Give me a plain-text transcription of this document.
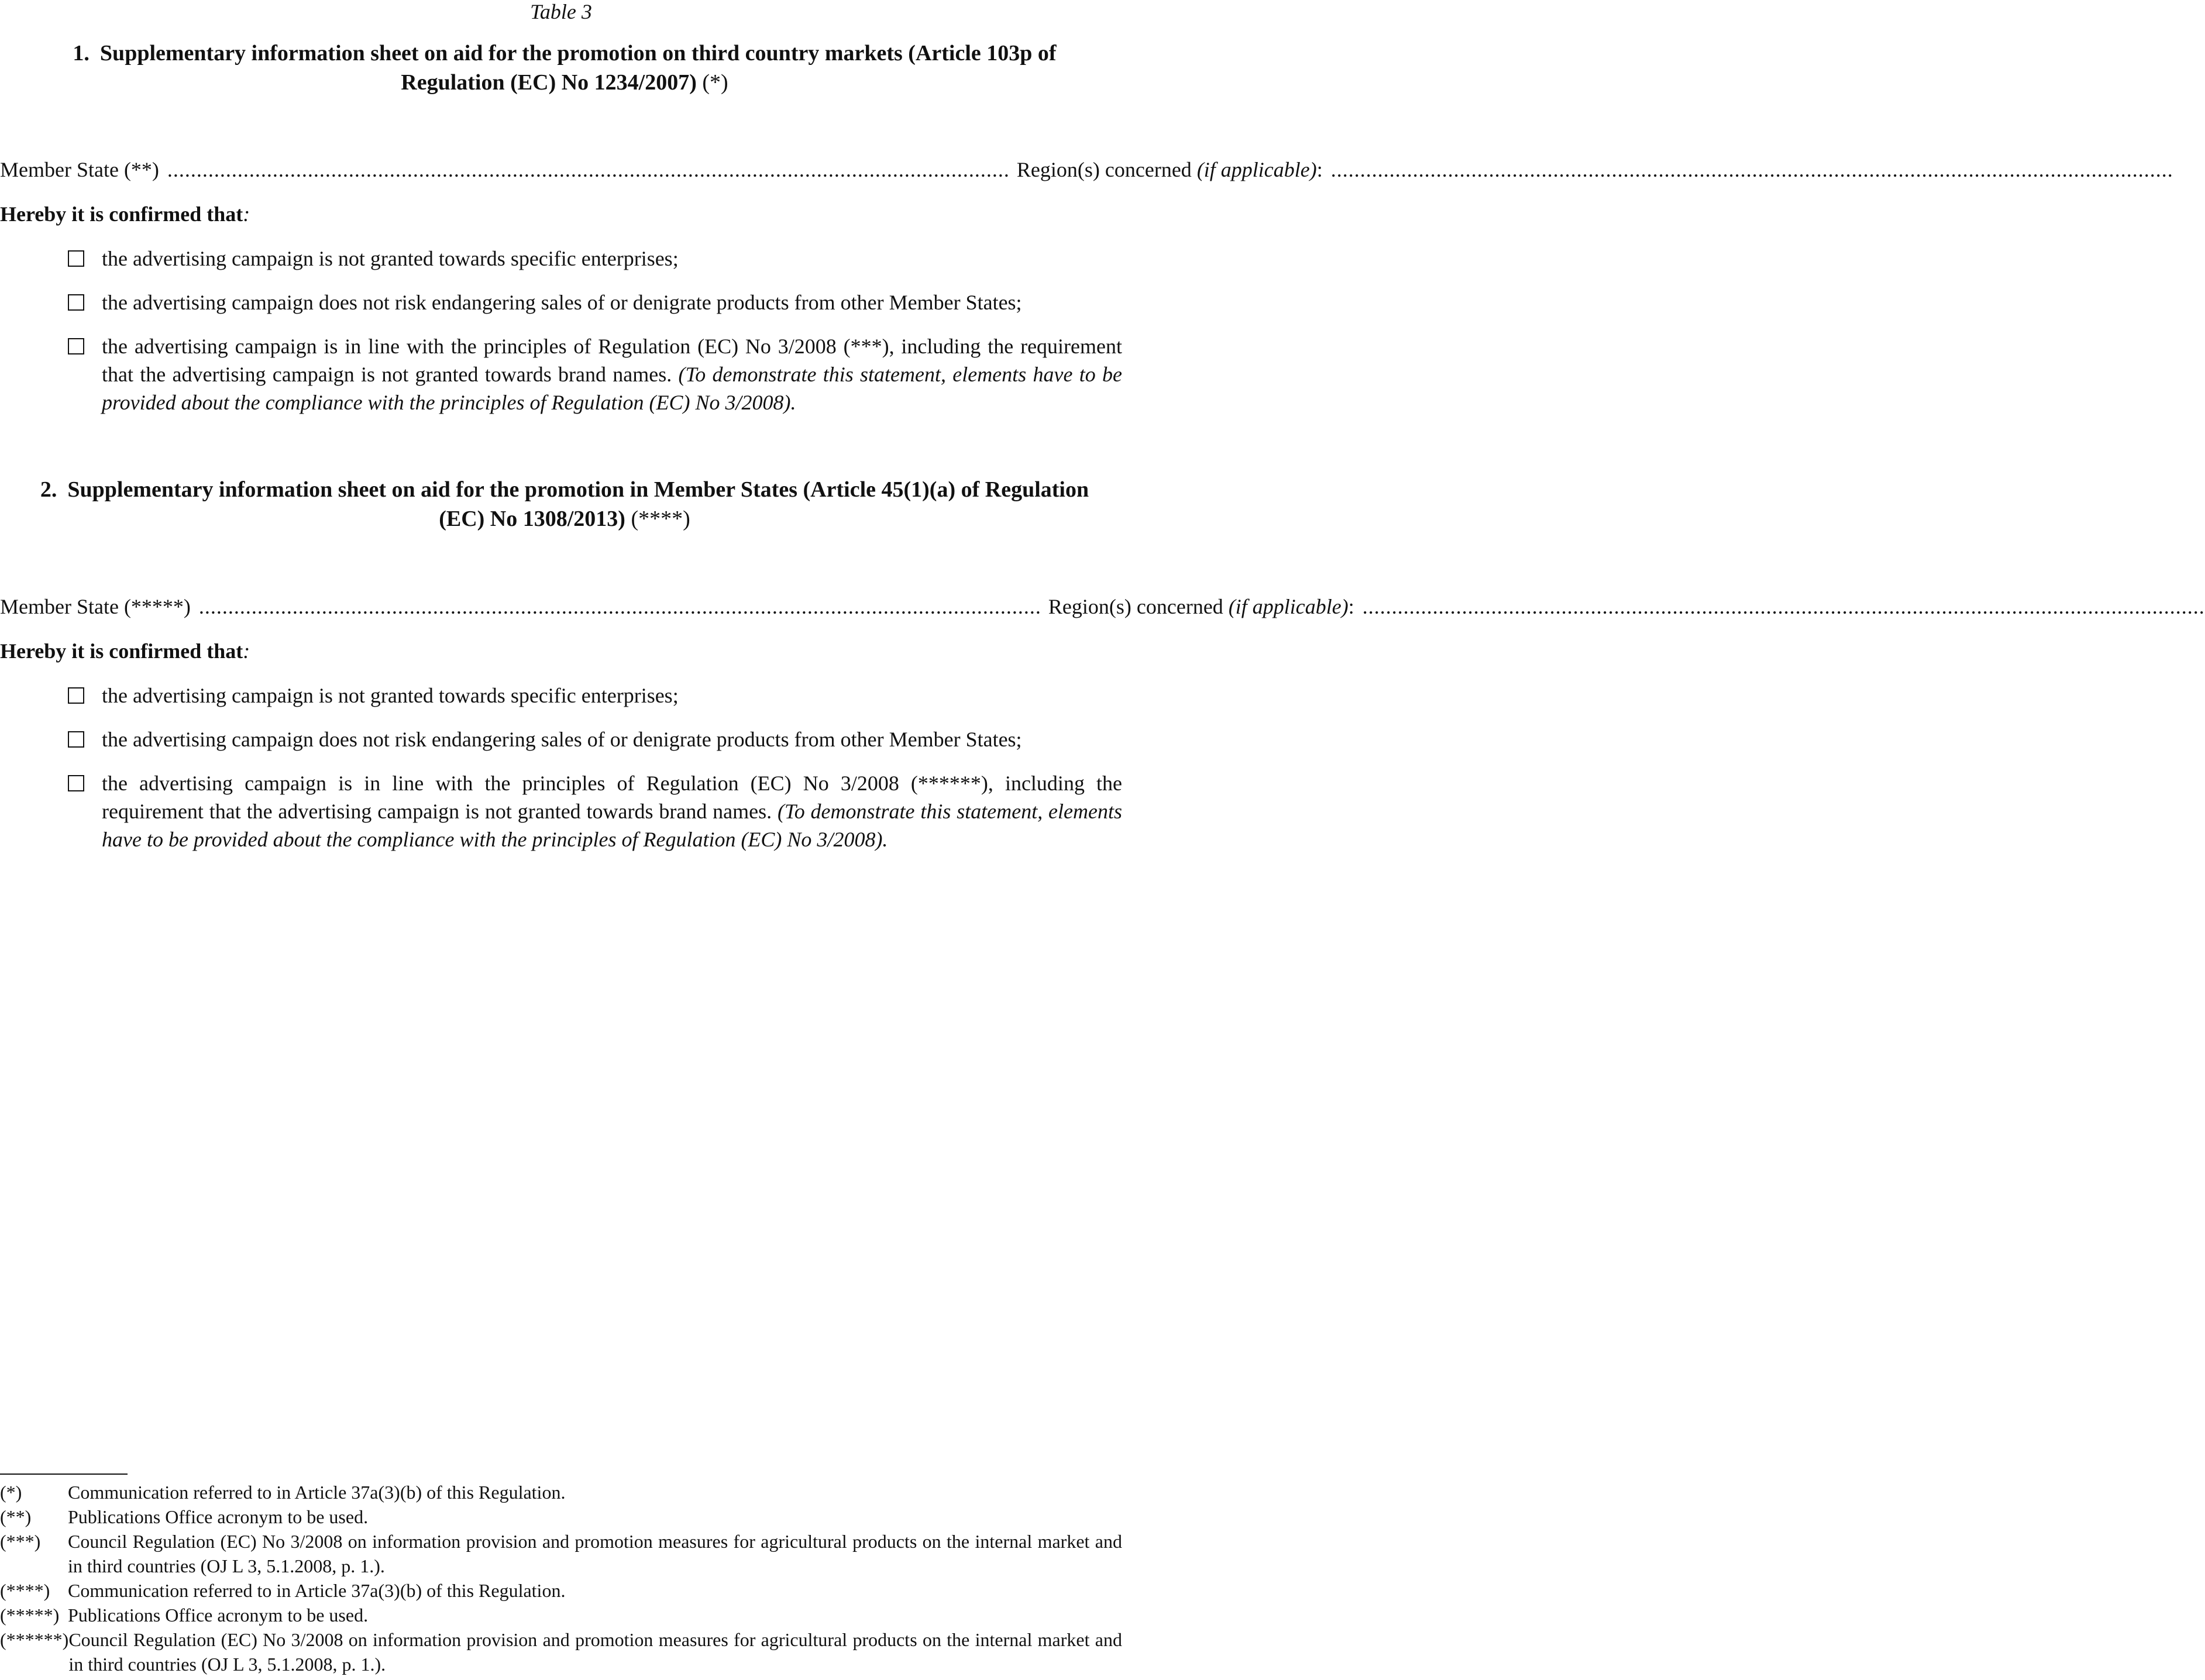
Table 3
1. Supplementary information sheet on aid for the promotion on third country markets (Article 103p of Regulation (EC) No 1234/2007) (*)
Member State (**) ................................................................................................................................................ Region(s) concerned (if applicable): ................................................................................................................................................
Hereby it is confirmed that:
the advertising campaign is not granted towards specific enterprises;
the advertising campaign does not risk endangering sales of or denigrate products from other Member States;
the advertising campaign is in line with the principles of Regulation (EC) No 3/2008 (***), including the requirement that the advertising campaign is not granted towards brand names. (To demonstrate this statement, elements have to be provided about the compliance with the principles of Regulation (EC) No 3/2008).
2. Supplementary information sheet on aid for the promotion in Member States (Article 45(1)(a) of Regulation (EC) No 1308/2013) (****)
Member State (*****) ................................................................................................................................................ Region(s) concerned (if applicable): ................................................................................................................................................
Hereby it is confirmed that:
the advertising campaign is not granted towards specific enterprises;
the advertising campaign does not risk endangering sales of or denigrate products from other Member States;
the advertising campaign is in line with the principles of Regulation (EC) No 3/2008 (******), including the requirement that the advertising campaign is not granted towards brand names. (To demonstrate this statement, elements have to be provided about the compliance with the principles of Regulation (EC) No 3/2008).
(*)	Communication referred to in Article 37a(3)(b) of this Regulation.
(**)	Publications Office acronym to be used.
(***)	Council Regulation (EC) No 3/2008 on information provision and promotion measures for agricultural products on the internal market and in third countries (OJ L 3, 5.1.2008, p. 1.).
(****) Communication referred to in Article 37a(3)(b) of this Regulation.
(*****) Publications Office acronym to be used.
(******) Council Regulation (EC) No 3/2008 on information provision and promotion measures for agricultural products on the internal market and in third countries (OJ L 3, 5.1.2008, p. 1.).
